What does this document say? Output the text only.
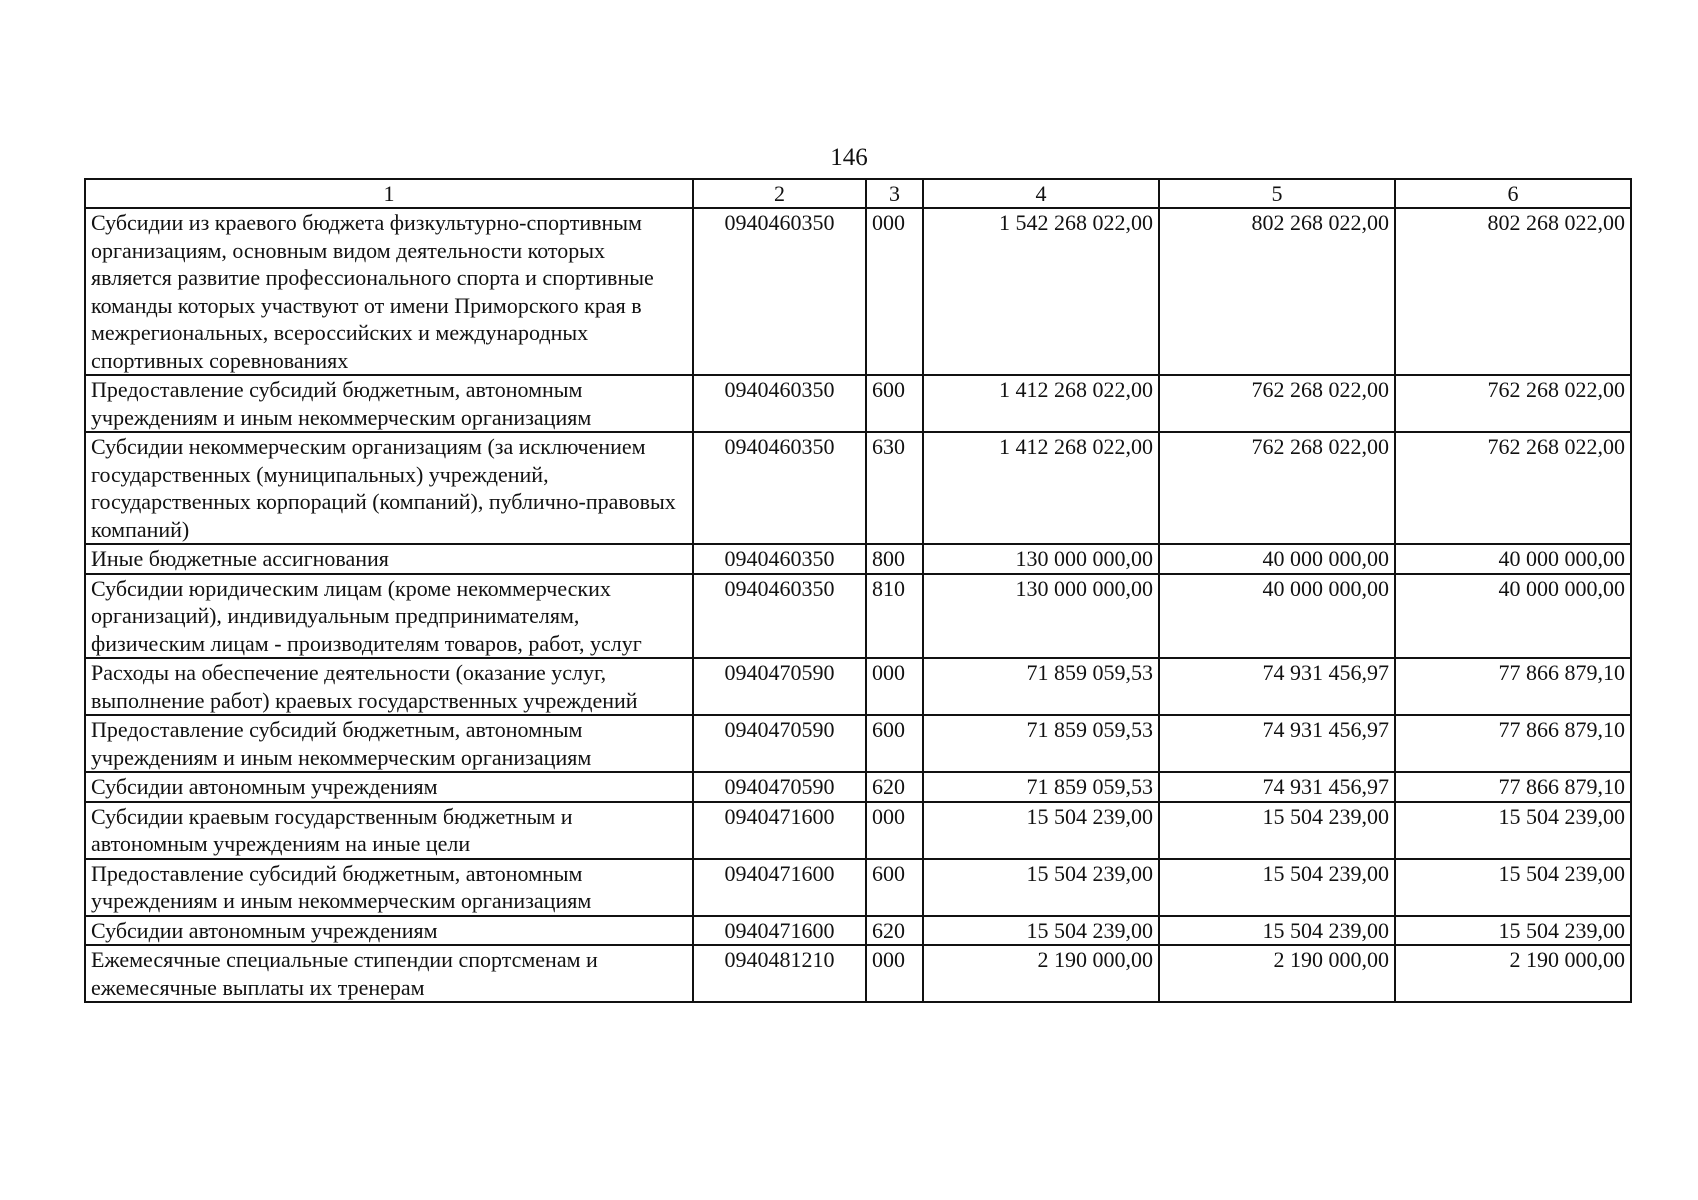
146
1	2	3	4	5	6
Субсидии из краевого бюджета физкультурно-спортивным организациям, основным видом деятельности которых является развитие профессионального спорта и спортивные команды которых участвуют от имени Приморского края в межрегиональных, всероссийских и международных спортивных соревнованиях	0940460350	000	1 542 268 022,00	802 268 022,00	802 268 022,00
Предоставление субсидий бюджетным, автономным учреждениям и иным некоммерческим организациям	0940460350	600	1 412 268 022,00	762 268 022,00	762 268 022,00
Субсидии некоммерческим организациям (за исключением государственных (муниципальных) учреждений, государственных корпораций (компаний), публично-правовых компаний)	0940460350	630	1 412 268 022,00	762 268 022,00	762 268 022,00
Иные бюджетные ассигнования	0940460350	800	130 000 000,00	40 000 000,00	40 000 000,00
Субсидии юридическим лицам (кроме некоммерческих организаций), индивидуальным предпринимателям, физическим лицам - производителям товаров, работ, услуг	0940460350	810	130 000 000,00	40 000 000,00	40 000 000,00
Расходы на обеспечение деятельности (оказание услуг, выполнение работ) краевых государственных учреждений	0940470590	000	71 859 059,53	74 931 456,97	77 866 879,10
Предоставление субсидий бюджетным, автономным учреждениям и иным некоммерческим организациям	0940470590	600	71 859 059,53	74 931 456,97	77 866 879,10
Субсидии автономным учреждениям	0940470590	620	71 859 059,53	74 931 456,97	77 866 879,10
Субсидии краевым государственным бюджетным и автономным учреждениям на иные цели	0940471600	000	15 504 239,00	15 504 239,00	15 504 239,00
Предоставление субсидий бюджетным, автономным учреждениям и иным некоммерческим организациям	0940471600	600	15 504 239,00	15 504 239,00	15 504 239,00
Субсидии автономным учреждениям	0940471600	620	15 504 239,00	15 504 239,00	15 504 239,00
Ежемесячные специальные стипендии спортсменам и ежемесячные выплаты их тренерам	0940481210	000	2 190 000,00	2 190 000,00	2 190 000,00
